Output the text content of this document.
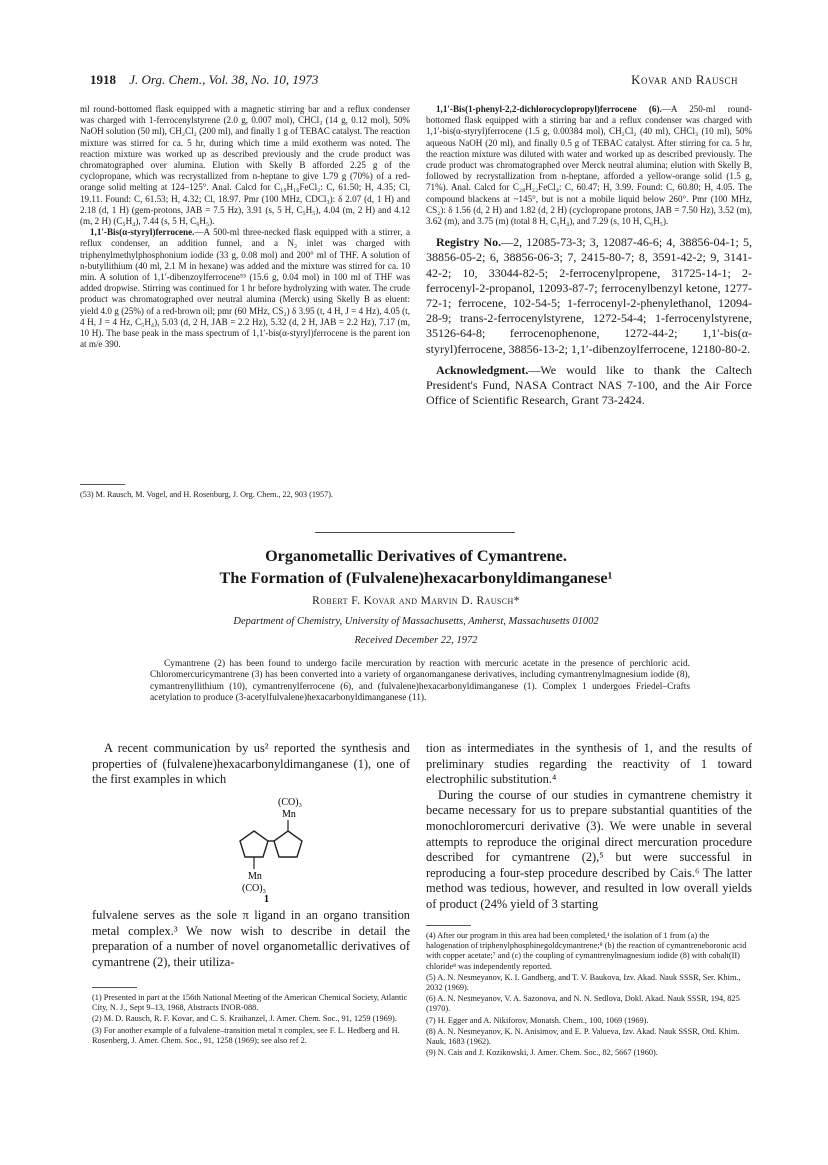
1918 J. Org. Chem., Vol. 38, No. 10, 1973	Kovar and Rausch

ml round-bottomed flask equipped with a magnetic stirring bar and a reflux condenser was charged with 1-ferrocenylstyrene (2.0 g, 0.007 mol), CHCl₃ (14 g, 0.12 mol), 50% NaOH solution (50 ml), CH₂Cl₂ (200 ml), and finally 1 g of TEBAC catalyst. The reaction mixture was stirred for ca. 5 hr, during which time a mild exotherm was noted. The reaction mixture was worked up as described previously and the crude product was chromatographed over alumina. Elution with Skelly B afforded 2.25 g of the cyclopropane, which was recrystallized from n-heptane to give 1.79 g (70%) of a red-orange solid melting at 124–125°. Anal. Calcd for C₁₉H₁₆FeCl₂: C, 61.50; H, 4.35; Cl, 19.11. Found: C, 61.53; H, 4.32; Cl, 18.97. Pmr (100 MHz, CDCl₃): δ 2.07 (d, 1 H) and 2.18 (d, 1 H) (gem-protons, JAB = 7.5 Hz), 3.91 (s, 5 H, C₅H₅), 4.04 (m, 2 H) and 4.12 (m, 2 H) (C₅H₄), 7.44 (s, 5 H, C₆H₅).

1,1′-Bis(α-styryl)ferrocene.—A 500-ml three-necked flask equipped with a stirrer, a reflux condenser, an addition funnel, and a N₂ inlet was charged with triphenylmethylphosphonium iodide (33 g, 0.08 mol) and 200° ml of THF. A solution of n-butyllithium (40 ml, 2.1 M in hexane) was added and the mixture was stirred for ca. 10 min. A solution of 1,1′-dibenzoylferrocene⁵³ (15.6 g, 0.04 mol) in 100 ml of THF was added dropwise. Stirring was continued for 1 hr before hydrolyzing with water. The crude product was chromatographed over neutral alumina (Merck) using Skelly B as eluent: yield 4.0 g (25%) of a red-brown oil; pmr (60 MHz, CS₂) δ 3.95 (t, 4 H, J = 4 Hz), 4.05 (t, 4 H, J = 4 Hz, C₅H₄), 5.03 (d, 2 H, JAB = 2.2 Hz), 5.32 (d, 2 H, JAB = 2.2 Hz), 7.17 (m, 10 H). The base peak in the mass spectrum of 1,1′-bis(α-styryl)ferrocene is the parent ion at m/e 390.

(53) M. Rausch, M. Vogel, and H. Rosenburg, J. Org. Chem., 22, 903 (1957).

1,1′-Bis(1-phenyl-2,2-dichlorocyclopropyl)ferrocene (6).—A 250-ml round-bottomed flask equipped with a stirring bar and a reflux condenser was charged with 1,1′-bis(α-styryl)ferrocene (1.5 g, 0.00384 mol), CH₂Cl₂ (40 ml), CHCl₃ (10 ml), 50% aqueous NaOH (20 ml), and finally 0.5 g of TEBAC catalyst. After stirring for ca. 5 hr, the reaction mixture was diluted with water and worked up as described previously. The crude product was chromatographed over Merck neutral alumina; elution with Skelly B, followed by recrystallization from n-heptane, afforded a yellow-orange solid (1.5 g, 71%). Anal. Calcd for C₂₈H₂₂FeCl₄: C, 60.47; H, 3.99. Found: C, 60.80; H, 4.05. The compound blackens at ~145°, but is not a mobile liquid below 260°. Pmr (100 MHz, CS₂): δ 1.56 (d, 2 H) and 1.82 (d, 2 H) (cyclopropane protons, JAB = 7.50 Hz), 3.52 (m), 3.62 (m), and 3.75 (m) (total 8 H, C₅H₄), and 7.29 (s, 10 H, C₆H₅).

Registry No.—2, 12085-73-3; 3, 12087-46-6; 4, 38856-04-1; 5, 38856-05-2; 6, 38856-06-3; 7, 2415-80-7; 8, 3591-42-2; 9, 3141-42-2; 10, 33044-82-5; 2-ferrocenylpropene, 31725-14-1; 2-ferrocenyl-2-propanol, 12093-87-7; ferrocenylbenzyl ketone, 1277-72-1; ferrocene, 102-54-5; 1-ferrocenyl-2-phenylethanol, 12094-28-9; trans-2-ferrocenylstyrene, 1272-54-4; 1-ferrocenylstyrene, 35126-64-8; ferrocenophenone, 1272-44-2; 1,1′-bis(α-styryl)ferrocene, 38856-13-2; 1,1′-dibenzoylferrocene, 12180-80-2.

Acknowledgment.—We would like to thank the Caltech President's Fund, NASA Contract NAS 7-100, and the Air Force Office of Scientific Research, Grant 73-2424.

Organometallic Derivatives of Cymantrene.
The Formation of (Fulvalene)hexacarbonyldimanganese¹
Robert F. Kovar and Marvin D. Rausch*
Department of Chemistry, University of Massachusetts, Amherst, Massachusetts 01002
Received December 22, 1972
Cymantrene (2) has been found to undergo facile mercuration by reaction with mercuric acetate in the presence of perchloric acid. Chloromercuricymantrene (3) has been converted into a variety of organomanganese derivatives, including cymantrenylmagnesium iodide (8), cymantrenyllithium (10), cymantrenylferrocene (6), and (fulvalene)hexacarbonyldimanganese (1). Complex 1 undergoes Friedel–Crafts acetylation to produce (3-acetylfulvalene)hexacarbonyldimanganese (11).
A recent communication by us² reported the synthesis and properties of (fulvalene)hexacarbonyldimanganese (1), one of the first examples in which
(CO)₃
Mn
Mn
(CO)₃
1
fulvalene serves as the sole π ligand in an organo transition metal complex.³ We now wish to describe in detail the preparation of a number of novel organometallic derivatives of cymantrene (2), their utiliza-

tion as intermediates in the synthesis of 1, and the results of preliminary studies regarding the reactivity of 1 toward electrophilic substitution.⁴

During the course of our studies in cymantrene chemistry it became necessary for us to prepare substantial quantities of the monochloromercuri derivative (3). We were unable in several attempts to reproduce the original direct mercuration procedure described for cymantrene (2),⁵ but were successful in reproducing a four-step procedure described by Cais.⁶ The latter method was tedious, however, and resulted in low overall yields of product (24% yield of 3 starting

(1) Presented in part at the 156th National Meeting of the American Chemical Society, Atlantic City, N. J., Sept 9–13, 1968, Abstracts INOR-088.

(2) M. D. Rausch, R. F. Kovar, and C. S. Kraihanzel, J. Amer. Chem. Soc., 91, 1259 (1969).

(3) For another example of a fulvalene–transition metal π complex, see F. L. Hedberg and H. Rosenberg, J. Amer. Chem. Soc., 91, 1258 (1969); see also ref 2.

(4) After our program in this area had been completed,¹ the isolation of 1 from (a) the halogenation of triphenylphosphinegoldcymantrene;⁸ (b) the reaction of cymantreneboronic acid with copper acetate;⁷ and (c) the coupling of cymantrenylmagnesium iodide (8) with cobalt(II) chloride⁸ was independently reported.

(5) A. N. Nesmeyanov, K. I. Gandberg, and T. V. Baukova, Izv. Akad. Nauk SSSR, Ser. Khim., 2032 (1969).

(6) A. N. Nesmeyanov, V. A. Sazonova, and N. N. Sedlova, Dokl. Akad. Nauk SSSR, 194, 825 (1970).

(7) H. Egger and A. Nikiforov, Monatsh. Chem., 100, 1069 (1969).

(8) A. N. Nesmeyanov, K. N. Anisimov, and E. P. Valueva, Izv. Akad. Nauk SSSR, Otd. Khim. Nauk, 1683 (1962).

(9) N. Cais and J. Kozikowski, J. Amer. Chem. Soc., 82, 5667 (1960).
